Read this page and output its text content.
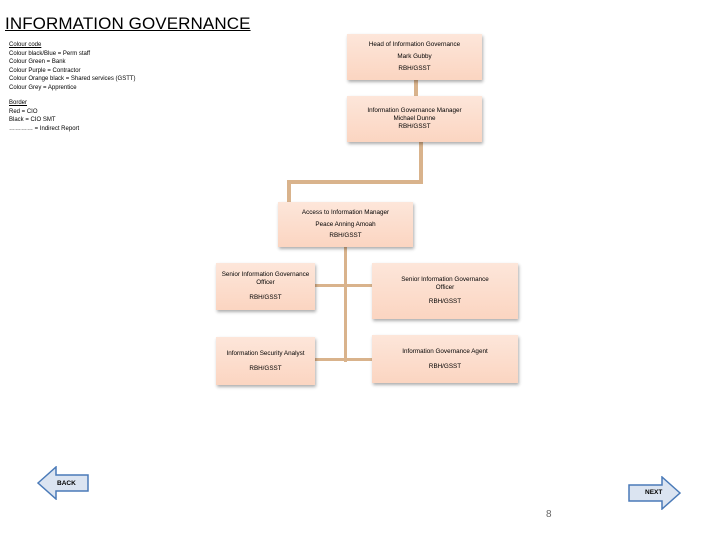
INFORMATION GOVERNANCE
Colour code
Colour black/Blue = Perm staff
Colour Green = Bank
Colour Purple = Contractor
Colour Orange black = Shared services (GSTT)
Colour Grey = Apprentice
Border
Red = CIO
Black = CIO SMT
………… = Indirect Report
Head of Information Governance
Mark Gubby
RBH/GSST
Information Governance Manager
Michael Dunne
RBH/GSST
Access to Information Manager
Peace Anning Amoah
RBH/GSST
Senior Information Governance
Officer
RBH/GSST
Senior Information Governance
Officer
RBH/GSST
Information Security Analyst
RBH/GSST
Information Governance Agent
RBH/GSST
BACK
NEXT
8
